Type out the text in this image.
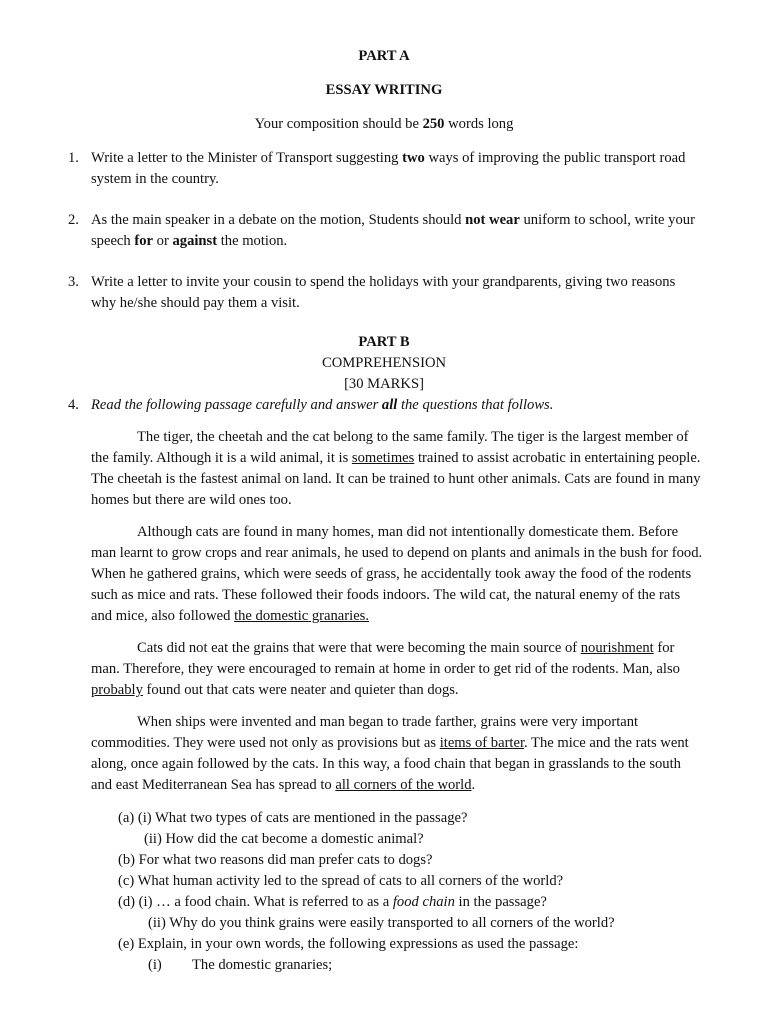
PART A
ESSAY WRITING
Your composition should be 250 words long
1. Write a letter to the Minister of Transport suggesting two ways of improving the public transport road
system in the country.
2. As the main speaker in a debate on the motion, Students should not wear uniform to school, write your
speech for or against the motion.
3. Write a letter to invite your cousin to spend the holidays with your grandparents, giving two reasons
why he/she should pay them a visit.
PART B
COMPREHENSION
[30 MARKS]
4. Read the following passage carefully and answer all the questions that follows.
The tiger, the cheetah and the cat belong to the same family. The tiger is the largest member of
the family. Although it is a wild animal, it is sometimes trained to assist acrobatic in entertaining people.
The cheetah is the fastest animal on land. It can be trained to hunt other animals. Cats are found in many
homes but there are wild ones too.
Although cats are found in many homes, man did not intentionally domesticate them. Before
man learnt to grow crops and rear animals, he used to depend on plants and animals in the bush for food.
When he gathered grains, which were seeds of grass, he accidentally took away the food of the rodents
such as mice and rats. These followed their foods indoors. The wild cat, the natural enemy of the rats
and mice, also followed the domestic granaries.
Cats did not eat the grains that were that were becoming the main source of nourishment for
man. Therefore, they were encouraged to remain at home in order to get rid of the rodents. Man, also
probably found out that cats were neater and quieter than dogs.
When ships were invented and man began to trade farther, grains were very important
commodities. They were used not only as provisions but as items of barter. The mice and the rats went
along, once again followed by the cats. In this way, a food chain that began in grasslands to the south
and east Mediterranean Sea has spread to all corners of the world.
(a) (i) What two types of cats are mentioned in the passage?
(ii) How did the cat become a domestic animal?
(b) For what two reasons did man prefer cats to dogs?
(c) What human activity led to the spread of cats to all corners of the world?
(d) (i) … a food chain. What is referred to as a food chain in the passage?
(ii) Why do you think grains were easily transported to all corners of the world?
(e) Explain, in your own words, the following expressions as used the passage:
(i) The domestic granaries;
